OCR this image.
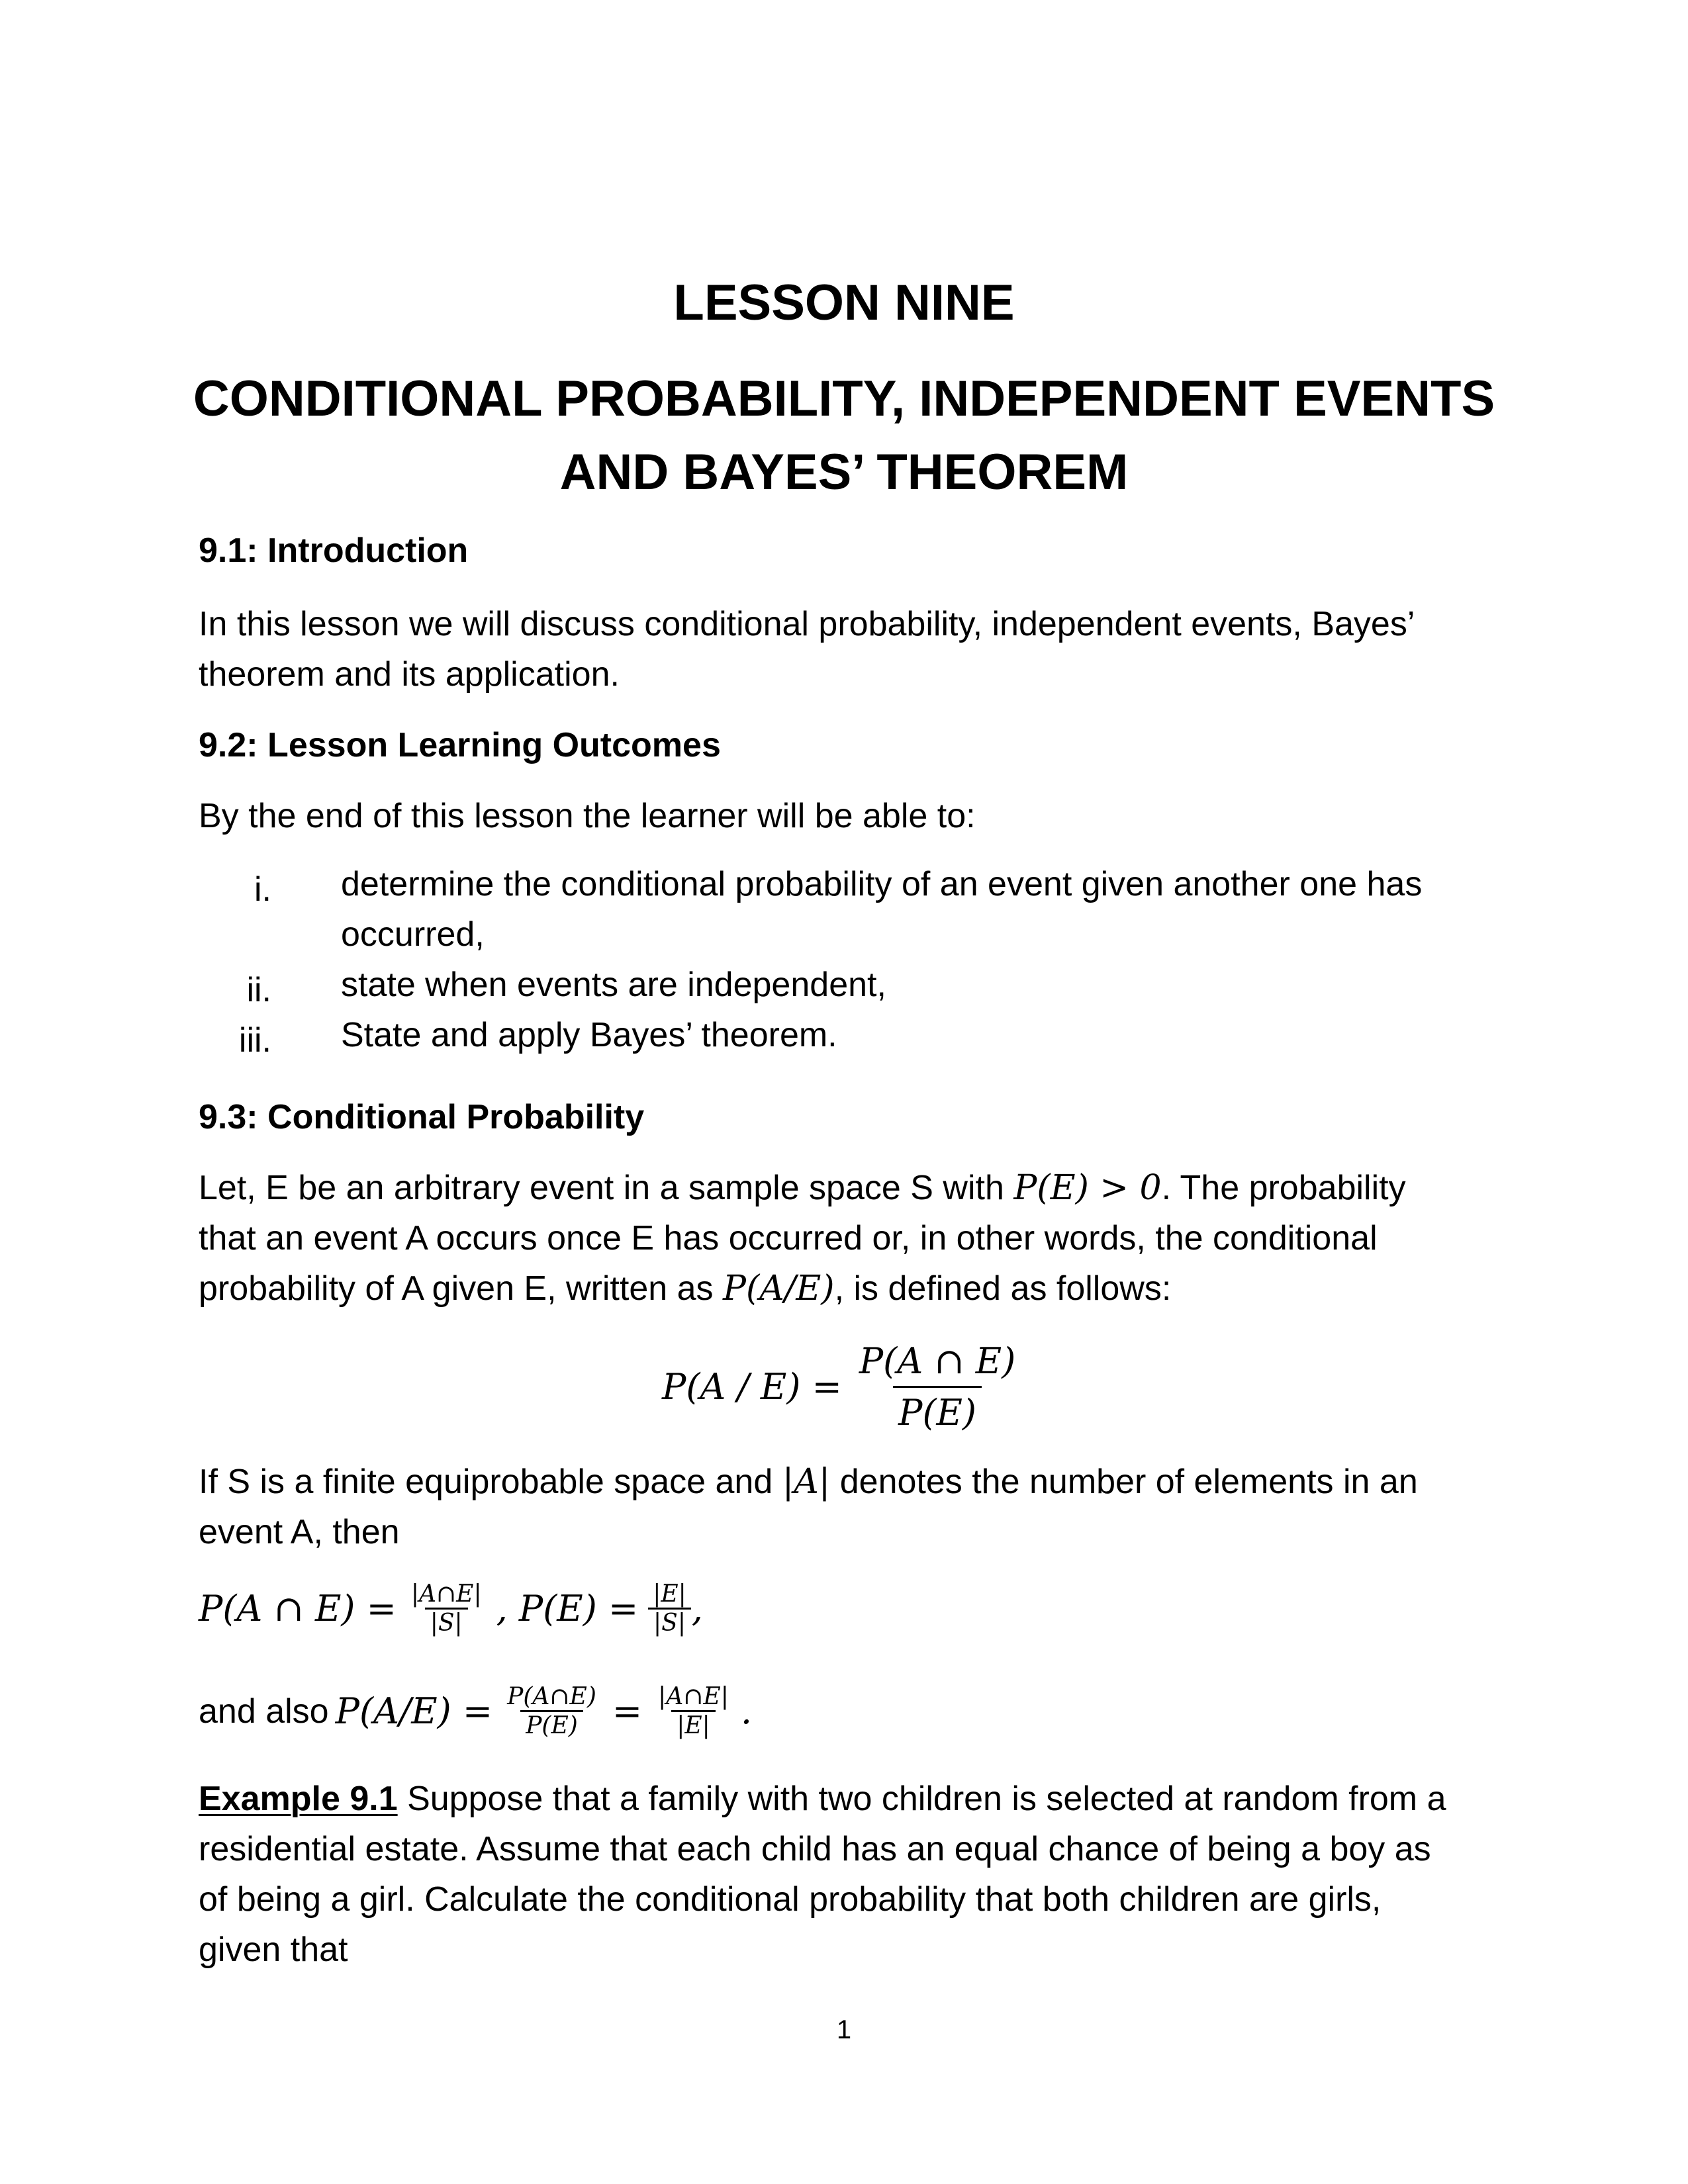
LESSON NINE
CONDITIONAL PROBABILITY, INDEPENDENT EVENTS
AND BAYES’ THEOREM
9.1: Introduction
In this lesson we will discuss conditional probability, independent events, Bayes’
theorem and its application.
9.2: Lesson Learning Outcomes
By the end of this lesson the learner will be able to:
i. determine the conditional probability of an event given another one has
occurred,
ii. state when events are independent,
iii. State and apply Bayes’ theorem.
9.3: Conditional Probability
Let, E be an arbitrary event in a sample space S with P(E) > 0. The probability
that an event A occurs once E has occurred or, in other words, the conditional
probability of A given E, written as P(A/E), is defined as follows:
$P(A / E) = \frac{P(A \cap E)}{P(E)}$
If S is a finite equiprobable space and |A| denotes the number of elements in an
event A, then
P(A ∩ $E) = \frac{|A\cap E|}{|S|}$ , $P(E) = \frac{|E|}{|S|}$ ,
and also $P(A/E) = \frac{P(A\cap E)}{P(E)} = \frac{|A\cap E|}{|E|}$ .
Example 9.1 Suppose that a family with two children is selected at random from a
residential estate. Assume that each child has an equal chance of being a boy as
of being a girl. Calculate the conditional probability that both children are girls,
given that
1
